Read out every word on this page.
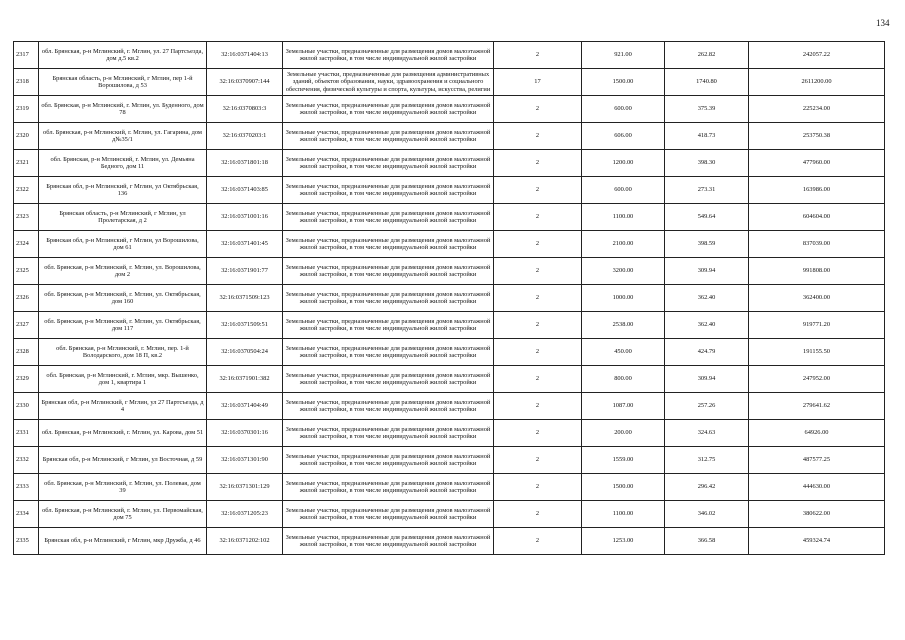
134
2317	обл. Брянская, р-н Мглинский, г. Мглин, ул. 27 Партсъезда, дом д.5 кв.2	32:16:0371404:13	Земельные участки, предназначенные для размещения домов малоэтажной жилой застройки, в том числе индивидуальной жилой застройки	2	921.00	262.82	242057.22
2318	Брянская область, р-н Мглинский, г Мглин, пер 1-й Ворошилова, д 53	32:16:0370907:144	Земельные участки, предназначенные для размещения административных зданий, объектов образования, науки, здравоохранения и социального обеспечения, физической культуры и спорта, культуры, искусства, религии	17	1500.00	1740.80	2611200.00
2319	обл. Брянская, р-н Мглинский, г. Мглин, ул. Буденного, дом 78	32:16:0370803:3	Земельные участки, предназначенные для размещения домов малоэтажной жилой застройки, в том числе индивидуальной жилой застройки	2	600.00	375.39	225234.00
2320	обл. Брянская, р-н Мглинский, г. Мглин, ул. Гагарина, дом д№35/1	32:16:0370203:1	Земельные участки, предназначенные для размещения домов малоэтажной жилой застройки, в том числе индивидуальной жилой застройки	2	606.00	418.73	253750.38
2321	обл. Брянская, р-н Мглинский, г. Мглин, ул. Демьяна Бедного, дом 11	32:16:0371801:18	Земельные участки, предназначенные для размещения домов малоэтажной жилой застройки, в том числе индивидуальной жилой застройки	2	1200.00	398.30	477960.00
2322	Брянская обл, р-н Мглинский, г Мглин, ул Октябрьская, 136	32:16:0371403:85	Земельные участки, предназначенные для размещения домов малоэтажной жилой застройки, в том числе индивидуальной жилой застройки	2	600.00	273.31	163986.00
2323	Брянская область, р-н Мглинский, г Мглин, ул Пролетарская, д 2	32:16:0371001:16	Земельные участки, предназначенные для размещения домов малоэтажной жилой застройки, в том числе индивидуальной жилой застройки	2	1100.00	549.64	604604.00
2324	Брянская обл, р-н Мглинский, г Мглин, ул Ворошилова, дом 61	32:16:0371401:45	Земельные участки, предназначенные для размещения домов малоэтажной жилой застройки, в том числе индивидуальной жилой застройки	2	2100.00	398.59	837039.00
2325	обл. Брянская, р-н Мглинский, г. Мглин, ул. Ворошилова, дом 2	32:16:0371901:77	Земельные участки, предназначенные для размещения домов малоэтажной жилой застройки, в том числе индивидуальной жилой застройки	2	3200.00	309.94	991808.00
2326	обл. Брянская, р-н Мглинский, г. Мглин, ул. Октябрьская, дом 160	32:16:0371509:123	Земельные участки, предназначенные для размещения домов малоэтажной жилой застройки, в том числе индивидуальной жилой застройки	2	1000.00	362.40	362400.00
2327	обл. Брянская, р-н Мглинский, г. Мглин, ул. Октябрьская, дом 117	32:16:0371509:51	Земельные участки, предназначенные для размещения домов малоэтажной жилой застройки, в том числе индивидуальной жилой застройки	2	2538.00	362.40	919771.20
2328	обл. Брянская, р-н Мглинский, г. Мглин, пер. 1-й Володарского, дом 18 П, кв.2	32:16:0370504:24	Земельные участки, предназначенные для размещения домов малоэтажной жилой застройки, в том числе индивидуальной жилой застройки	2	450.00	424.79	191155.50
2329	обл. Брянская, р-н Мглинский, г. Мглин, мкр. Вышенко, дом 1, квартира 1	32:16:0371901:382	Земельные участки, предназначенные для размещения домов малоэтажной жилой застройки, в том числе индивидуальной жилой застройки	2	800.00	309.94	247952.00
2330	Брянская обл, р-н Мглинский, г Мглин, ул 27 Партсъезда, д 4	32:16:0371404:49	Земельные участки, предназначенные для размещения домов малоэтажной жилой застройки, в том числе индивидуальной жилой застройки	2	1087.00	257.26	279641.62
2331	обл. Брянская, р-н Мглинский, г. Мглин, ул. Карова, дом 51	32:16:0370301:16	Земельные участки, предназначенные для размещения домов малоэтажной жилой застройки, в том числе индивидуальной жилой застройки	2	200.00	324.63	64926.00
2332	Брянская обл, р-н Мглинский, г Мглин, ул Восточная, д 59	32:16:0371301:90	Земельные участки, предназначенные для размещения домов малоэтажной жилой застройки, в том числе индивидуальной жилой застройки	2	1559.00	312.75	487577.25
2333	обл. Брянская, р-н Мглинский, г. Мглин, ул. Полевая, дом 39	32:16:0371301:129	Земельные участки, предназначенные для размещения домов малоэтажной жилой застройки, в том числе индивидуальной жилой застройки	2	1500.00	296.42	444630.00
2334	обл. Брянская, р-н Мглинский, г. Мглин, ул. Первомайская, дом 75	32:16:0371205:23	Земельные участки, предназначенные для размещения домов малоэтажной жилой застройки, в том числе индивидуальной жилой застройки	2	1100.00	346.02	380622.00
2335	Брянская обл, р-н Мглинский, г Мглин, мкр Дружба, д 46	32:16:0371202:102	Земельные участки, предназначенные для размещения домов малоэтажной жилой застройки, в том числе индивидуальной жилой застройки	2	1253.00	366.58	459324.74
